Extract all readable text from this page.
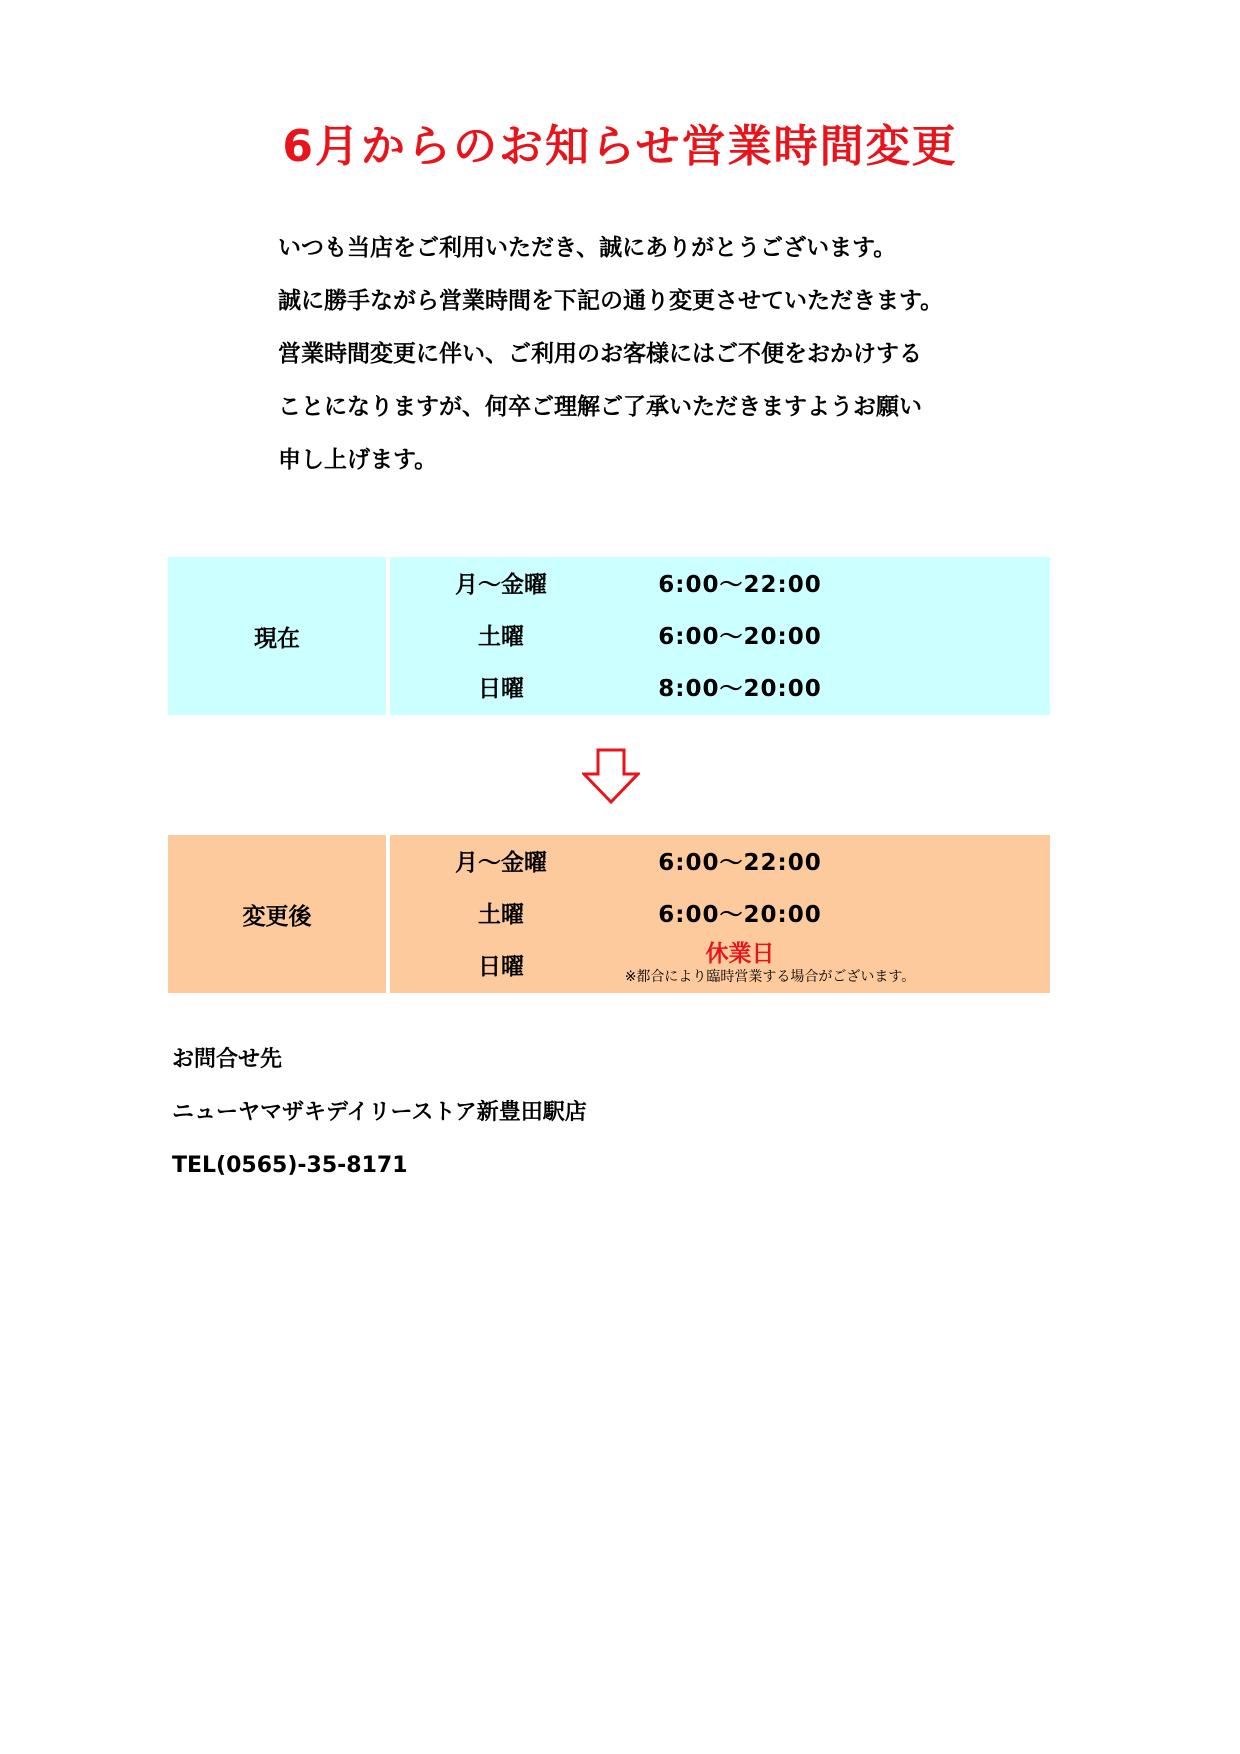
6月からのお知らせ営業時間変更

いつも当店をご利用いただき、誠にありがとうございます。

誠に勝手ながら営業時間を下記の通り変更させていただきます。

営業時間変更に伴い、ご利用のお客様にはご不便をおかけする

ことになりますが、何卒ご理解ご了承いただきますようお願い

申し上げます。

現在
月～金曜	6:00～22:00
土曜	6:00～20:00
日曜	8:00～20:00
変更後
月～金曜	6:00～22:00
土曜	6:00～20:00
日曜	休業日
※都合により臨時営業する場合がございます。

お問合せ先

ニューヤマザキデイリーストア新豊田駅店

TEL(0565)-35-8171
